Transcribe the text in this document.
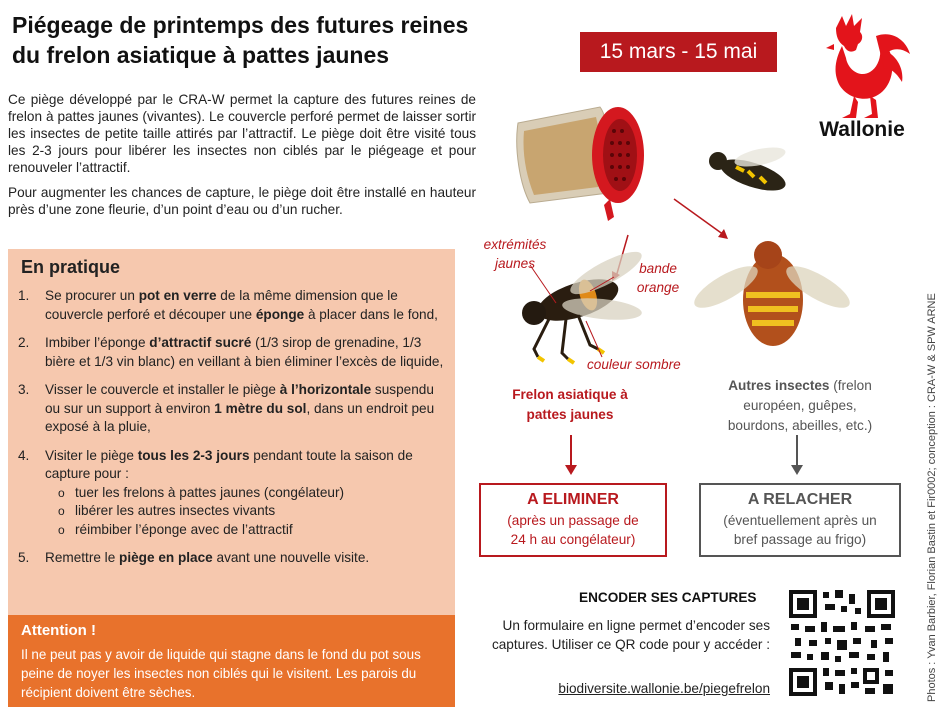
Piégeage de printemps des futures reines
du frelon asiatique à pattes jaunes	15 mars - 15 mai
Wallonie

Ce piège développé par le CRA-W permet la capture des futures reines de frelon à pattes jaunes (vivantes). Le couvercle perforé permet de laisser sortir les insectes de petite taille attirés par l’attractif. Le piège doit être visité tous les 2-3 jours pour libérer les insectes non ciblés par le piégeage et pour renouveler l’attractif.

Pour augmenter les chances de capture, le piège doit être installé en hauteur près d’une zone fleurie, d’un point d’eau ou d’un rucher.

En pratique
1. Se procurer un pot en verre de la même dimension que le couvercle perforé et découper une éponge à placer dans le fond,
2. Imbiber l’éponge d’attractif sucré (1/3 sirop de grenadine, 1/3 bière et 1/3 vin blanc) en veillant à bien éliminer l’excès de liquide,
3. Visser le couvercle et installer le piège à l’horizontale suspendu ou sur un support à environ 1 mètre du sol, dans un endroit peu exposé à la pluie,
4. Visiter le piège tous les 2-3 jours pendant toute la saison de capture pour :
o tuer les frelons à pattes jaunes (congélateur)
o libérer les autres insectes vivants
o réimbiber l’éponge avec de l’attractif
5. Remettre le piège en place avant une nouvelle visite.
Attention !
Il ne peut pas y avoir de liquide qui stagne dans le fond du pot sous peine de noyer les insectes non ciblés qui le visitent. Les parois du récipient doivent être sèches.
extrémités
jaunes	bande
orange
couleur sombre
Frelon asiatique à
pattes jaunes
Autres insectes (frelon
européen, guêpes,
bourdons, abeilles, etc.)
A ELIMINER
(après un passage de
24 h au congélateur)
A RELACHER
(éventuellement après un
bref passage au frigo)
ENCODER SES CAPTURES
Un formulaire en ligne permet d’encoder ses captures. Utiliser ce QR code pour y accéder :
biodiversite.wallonie.be/piegefrelon	Photos : Yvan Barbier, Florian Bastin et Fir0002; conception : CRA-W & SPW ARNE
